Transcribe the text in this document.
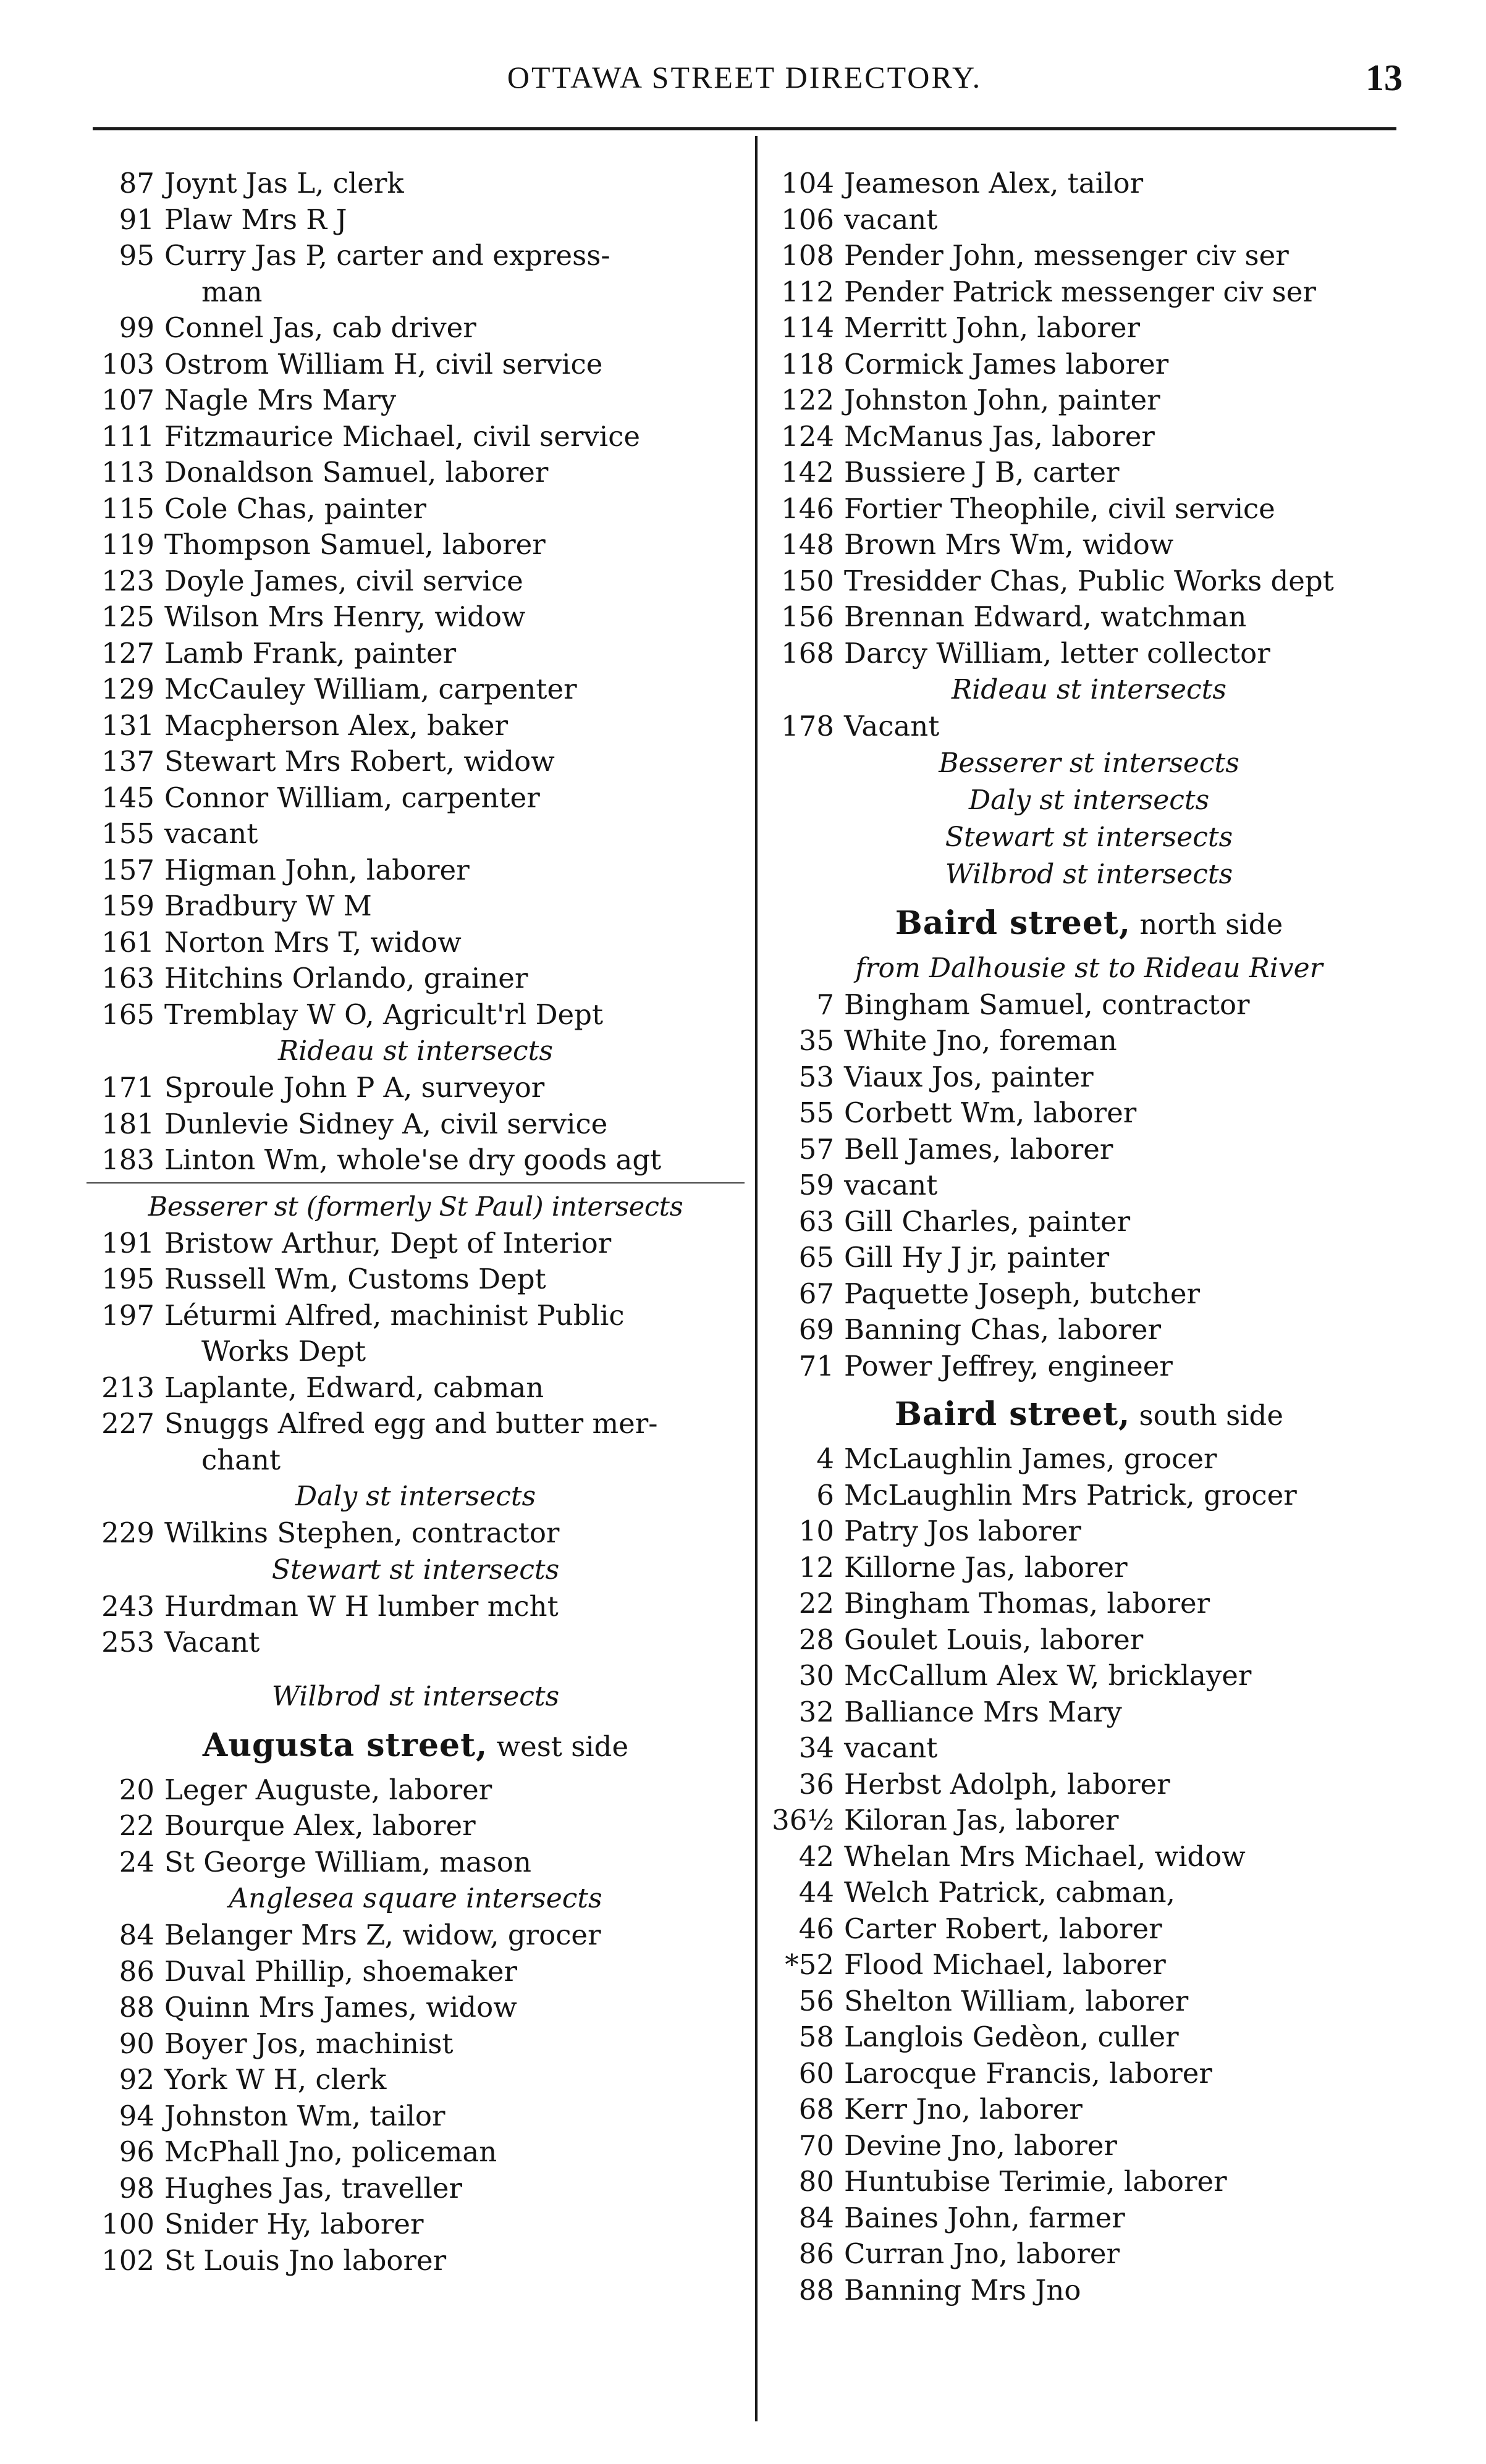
OTTAWA STREET DIRECTORY.	13
87 Joynt Jas L, clerk
91 Plaw Mrs R J
95 Curry Jas P, carter and express-
man
99 Connel Jas, cab driver
103 Ostrom William H, civil service
107 Nagle Mrs Mary
111 Fitzmaurice Michael, civil service
113 Donaldson Samuel, laborer
115 Cole Chas, painter
119 Thompson Samuel, laborer
123 Doyle James, civil service
125 Wilson Mrs Henry, widow
127 Lamb Frank, painter
129 McCauley William, carpenter
131 Macpherson Alex, baker
137 Stewart Mrs Robert, widow
145 Connor William, carpenter
155 vacant
157 Higman John, laborer
159 Bradbury W M
161 Norton Mrs T, widow
163 Hitchins Orlando, grainer
165 Tremblay W O, Agricult'rl Dept
Rideau st intersects
171 Sproule John P A, surveyor
181 Dunlevie Sidney A, civil service
183 Linton Wm, whole'se dry goods agt
Besserer st (formerly St Paul) intersects
191 Bristow Arthur, Dept of Interior
195 Russell Wm, Customs Dept
197 Léturmi Alfred, machinist Public
Works Dept
213 Laplante, Edward, cabman
227 Snuggs Alfred egg and butter mer-
chant
Daly st intersects
229 Wilkins Stephen, contractor
Stewart st intersects
243 Hurdman W H lumber mcht
253 Vacant
Wilbrod st intersects
Augusta street, west side
20 Leger Auguste, laborer
22 Bourque Alex, laborer
24 St George William, mason
Anglesea square intersects
84 Belanger Mrs Z, widow, grocer
86 Duval Phillip, shoemaker
88 Quinn Mrs James, widow
90 Boyer Jos, machinist
92 York W H, clerk
94 Johnston Wm, tailor
96 McPhall Jno, policeman
98 Hughes Jas, traveller
100 Snider Hy, laborer
102 St Louis Jno laborer
104 Jeameson Alex, tailor
106 vacant
108 Pender John, messenger civ ser
112 Pender Patrick messenger civ ser
114 Merritt John, laborer
118 Cormick James laborer
122 Johnston John, painter
124 McManus Jas, laborer
142 Bussiere J B, carter
146 Fortier Theophile, civil service
148 Brown Mrs Wm, widow
150 Tresidder Chas, Public Works dept
156 Brennan Edward, watchman
168 Darcy William, letter collector
Rideau st intersects
178 Vacant
Besserer st intersects
Daly st intersects
Stewart st intersects
Wilbrod st intersects
Baird street, north side
from Dalhousie st to Rideau River
7 Bingham Samuel, contractor
35 White Jno, foreman
53 Viaux Jos, painter
55 Corbett Wm, laborer
57 Bell James, laborer
59 vacant
63 Gill Charles, painter
65 Gill Hy J jr, painter
67 Paquette Joseph, butcher
69 Banning Chas, laborer
71 Power Jeffrey, engineer
Baird street, south side
4 McLaughlin James, grocer
6 McLaughlin Mrs Patrick, grocer
10 Patry Jos laborer
12 Killorne Jas, laborer
22 Bingham Thomas, laborer
28 Goulet Louis, laborer
30 McCallum Alex W, bricklayer
32 Balliance Mrs Mary
34 vacant
36 Herbst Adolph, laborer
36½ Kiloran Jas, laborer
42 Whelan Mrs Michael, widow
44 Welch Patrick, cabman,
46 Carter Robert, laborer
*52 Flood Michael, laborer
56 Shelton William, laborer
58 Langlois Gedèon, culler
60 Larocque Francis, laborer
68 Kerr Jno, laborer
70 Devine Jno, laborer
80 Huntubise Terimie, laborer
84 Baines John, farmer
86 Curran Jno, laborer
88 Banning Mrs Jno
